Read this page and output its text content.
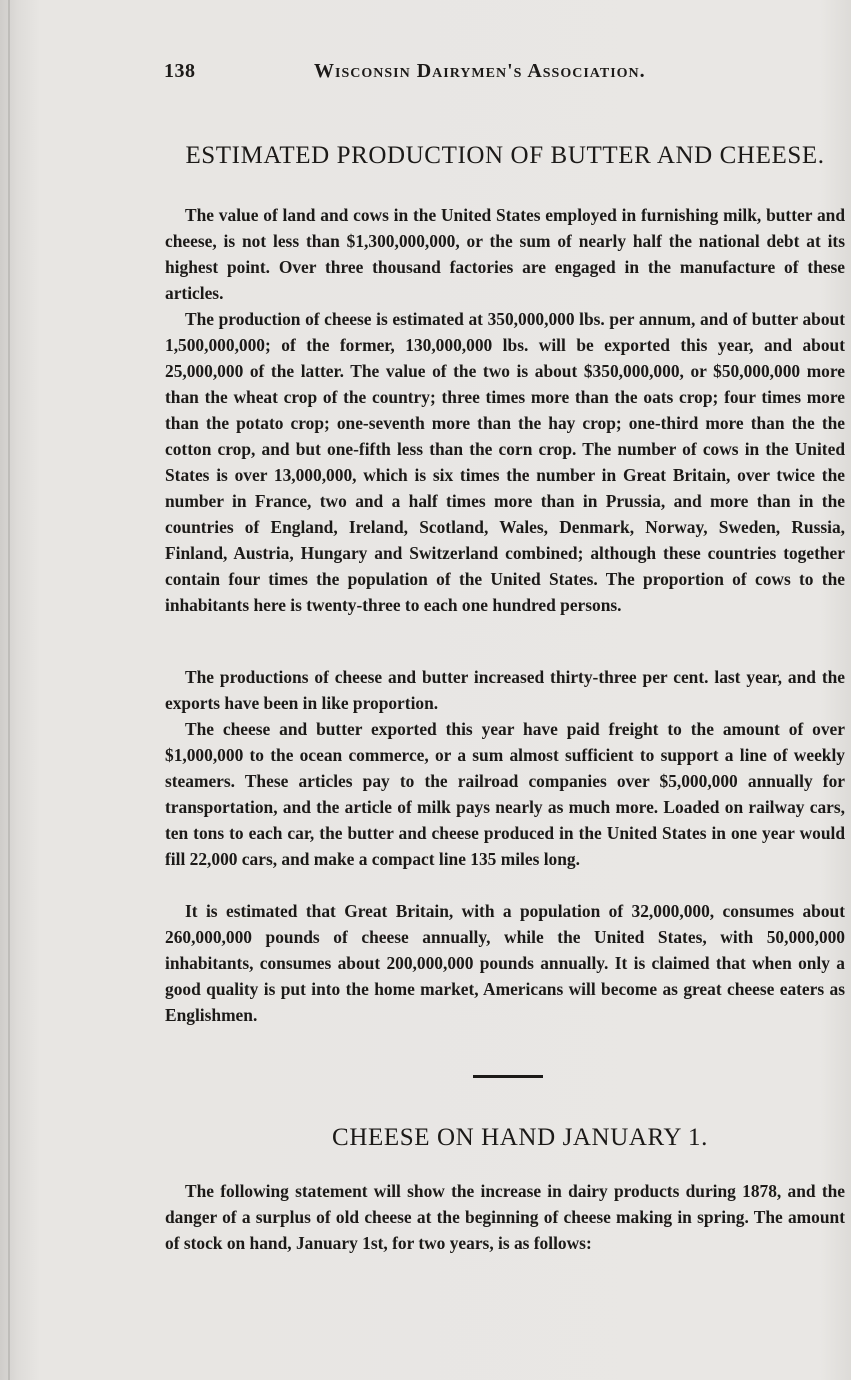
138	Wisconsin Dairymen's Association.
ESTIMATED PRODUCTION OF BUTTER AND CHEESE.

The value of land and cows in the United States employed in furnishing milk, butter and cheese, is not less than $1,300,000,000, or the sum of nearly half the national debt at its highest point. Over three thousand factories are engaged in the manufacture of these articles.

The production of cheese is estimated at 350,000,000 lbs. per annum, and of butter about 1,500,000,000; of the former, 130,000,000 lbs. will be exported this year, and about 25,000,000 of the latter. The value of the two is about $350,000,000, or $50,000,000 more than the wheat crop of the country; three times more than the oats crop; four times more than the potato crop; one-seventh more than the hay crop; one-third more than the the cotton crop, and but one-fifth less than the corn crop. The number of cows in the United States is over 13,000,000, which is six times the number in Great Britain, over twice the number in France, two and a half times more than in Prussia, and more than in the countries of England, Ireland, Scotland, Wales, Denmark, Norway, Sweden, Russia, Finland, Austria, Hungary and Switzerland combined; although these countries together contain four times the population of the United States. The proportion of cows to the inhabitants here is twenty-three to each one hundred persons.

The productions of cheese and butter increased thirty-three per cent. last year, and the exports have been in like proportion.

The cheese and butter exported this year have paid freight to the amount of over $1,000,000 to the ocean commerce, or a sum almost sufficient to support a line of weekly steamers. These articles pay to the railroad companies over $5,000,000 annually for transportation, and the article of milk pays nearly as much more. Loaded on railway cars, ten tons to each car, the butter and cheese produced in the United States in one year would fill 22,000 cars, and make a compact line 135 miles long.

It is estimated that Great Britain, with a population of 32,000,000, consumes about 260,000,000 pounds of cheese annually, while the United States, with 50,000,000 inhabitants, consumes about 200,000,000 pounds annually. It is claimed that when only a good quality is put into the home market, Americans will become as great cheese eaters as Englishmen.

CHEESE ON HAND JANUARY 1.

The following statement will show the increase in dairy products during 1878, and the danger of a surplus of old cheese at the beginning of cheese making in spring. The amount of stock on hand, January 1st, for two years, is as follows:
